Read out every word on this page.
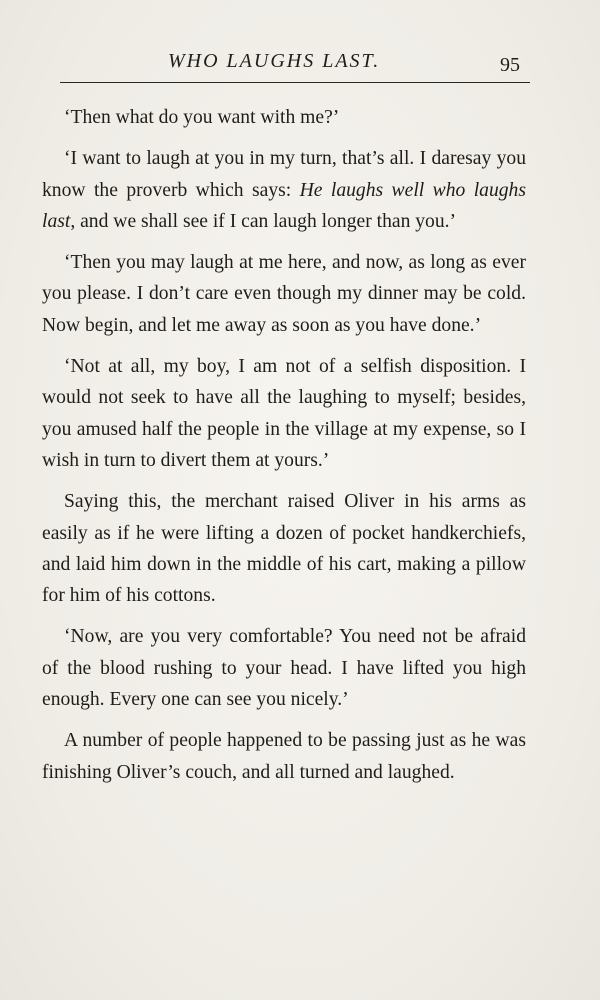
WHO LAUGHS LAST.	95

‘Then what do you want with me?’

‘I want to laugh at you in my turn, that’s all. I daresay you know the proverb which says: He laughs well who laughs last, and we shall see if I can laugh longer than you.’

‘Then you may laugh at me here, and now, as long as ever you please. I don’t care even though my dinner may be cold. Now begin, and let me away as soon as you have done.’

‘Not at all, my boy, I am not of a selfish disposition. I would not seek to have all the laughing to myself; besides, you amused half the people in the village at my expense, so I wish in turn to divert them at yours.’

Saying this, the merchant raised Oliver in his arms as easily as if he were lifting a dozen of pocket handkerchiefs, and laid him down in the middle of his cart, making a pillow for him of his cottons.

‘Now, are you very comfortable? You need not be afraid of the blood rushing to your head. I have lifted you high enough. Every one can see you nicely.’

A number of people happened to be passing just as he was finishing Oliver’s couch, and all turned and laughed.
